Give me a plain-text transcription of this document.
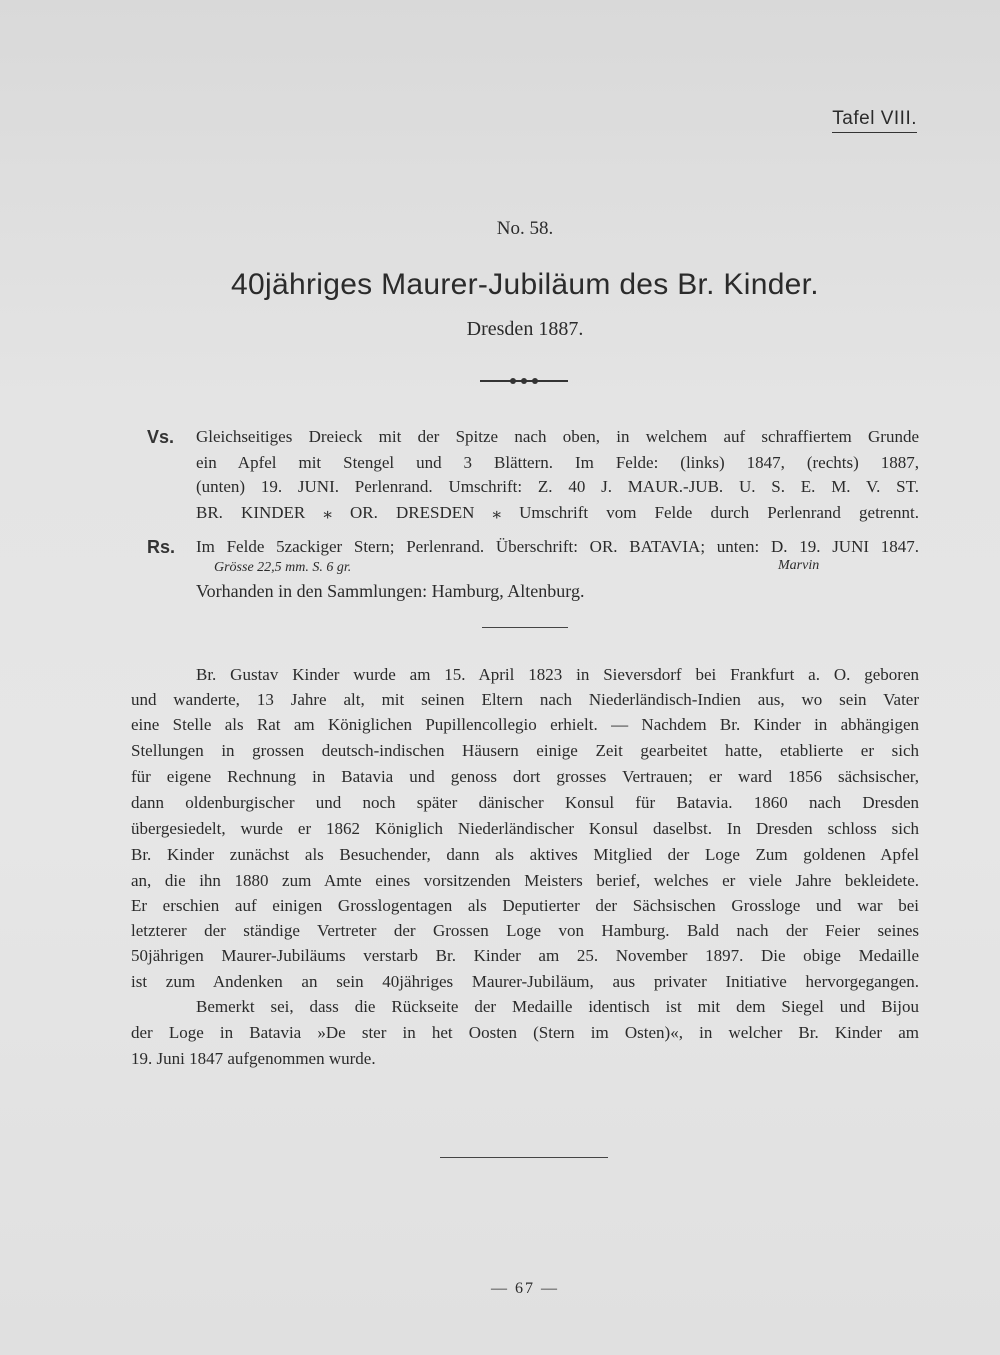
Tafel VIII.
No. 58.
40jähriges Maurer-Jubiläum des Br. Kinder.
Dresden 1887.
Vs. Gleichseitiges Dreieck mit der Spitze nach oben, in welchem auf schraffiertem Grunde
ein Apfel mit Stengel und 3 Blättern. Im Felde: (links) 1847, (rechts) 1887,
(unten) 19. JUNI. Perlenrand. Umschrift: Z. 40 J. MAUR.-JUB. U. S. E. M. V. ST.
BR. KINDER ⁎ OR. DRESDEN ⁎ Umschrift vom Felde durch Perlenrand getrennt.
Rs. Im Felde 5zackiger Stern; Perlenrand. Überschrift: OR. BATAVIA; unten: D. 19. JUNI 1847.
Grösse 22,5 mm. S. 6 gr.	Marvin
Vorhanden in den Sammlungen: Hamburg, Altenburg.
Br. Gustav Kinder wurde am 15. April 1823 in Sieversdorf bei Frankfurt a. O. geboren
und wanderte, 13 Jahre alt, mit seinen Eltern nach Niederländisch-Indien aus, wo sein Vater
eine Stelle als Rat am Königlichen Pupillencollegio erhielt. — Nachdem Br. Kinder in abhängigen
Stellungen in grossen deutsch-indischen Häusern einige Zeit gearbeitet hatte, etablierte er sich
für eigene Rechnung in Batavia und genoss dort grosses Vertrauen; er ward 1856 sächsischer,
dann oldenburgischer und noch später dänischer Konsul für Batavia. 1860 nach Dresden
übergesiedelt, wurde er 1862 Königlich Niederländischer Konsul daselbst. In Dresden schloss sich
Br. Kinder zunächst als Besuchender, dann als aktives Mitglied der Loge Zum goldenen Apfel
an, die ihn 1880 zum Amte eines vorsitzenden Meisters berief, welches er viele Jahre bekleidete.
Er erschien auf einigen Grosslogentagen als Deputierter der Sächsischen Grossloge und war bei
letzterer der ständige Vertreter der Grossen Loge von Hamburg. Bald nach der Feier seines
50jährigen Maurer-Jubiläums verstarb Br. Kinder am 25. November 1897. Die obige Medaille
ist zum Andenken an sein 40jähriges Maurer-Jubiläum, aus privater Initiative hervorgegangen.
Bemerkt sei, dass die Rückseite der Medaille identisch ist mit dem Siegel und Bijou
der Loge in Batavia »De ster in het Oosten (Stern im Osten)«, in welcher Br. Kinder am
19. Juni 1847 aufgenommen wurde.
— 67 —
